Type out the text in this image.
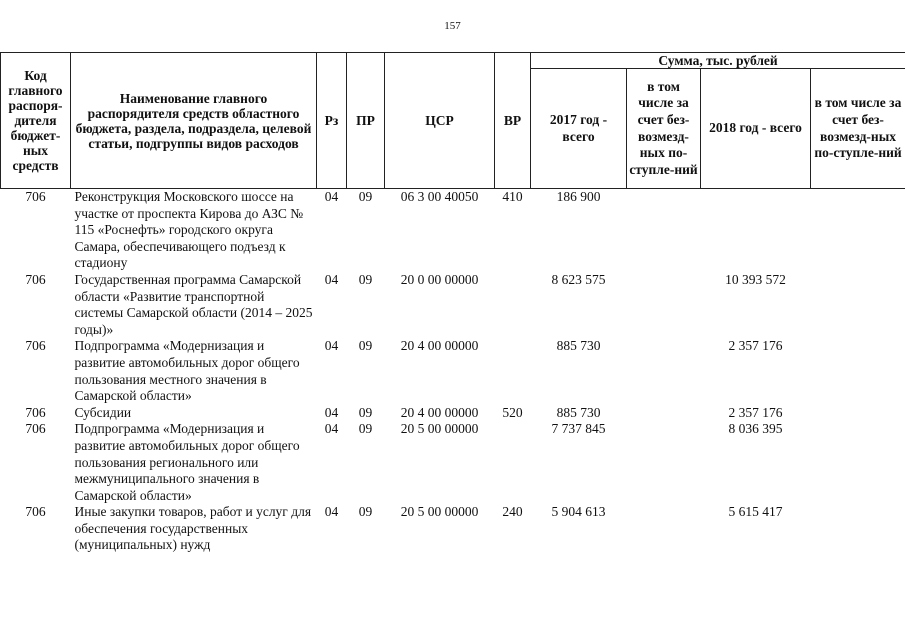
157
Код главного распоря-дителя бюджет-ных средств	Наименование главного распорядителя средств областного бюджета, раздела, подраздела, целевой статьи, подгруппы видов расходов	Рз	ПР	ЦСР	ВР	Сумма, тыс. рублей			
						2017 год - всего	в том числе за счет без-возмезд-ных по-ступле-ний	2018 год - всего	в том числе за счет без-возмезд-ных по-ступле-ний
706	Реконструкция Московского шоссе на участке от проспекта Кирова до АЗС № 115 «Роснефть» городского округа Самара, обеспечивающего подъезд к стадиону	04	09	06 3 00 40050	410	186 900			
706	Государственная программа Самарской области «Развитие транспортной системы Самарской области (2014 – 2025 годы)»	04	09	20 0 00 00000		8 623 575		10 393 572	
706	Подпрограмма «Модернизация и развитие автомобильных дорог общего пользования местного значения в Самарской области»	04	09	20 4 00 00000		885 730		2 357 176	
706	Субсидии	04	09	20 4 00 00000	520	885 730		2 357 176	
706	Подпрограмма «Модернизация и развитие автомобильных дорог общего пользования регионального или межмуниципального значения в Самарской области»	04	09	20 5 00 00000		7 737 845		8 036 395	
706	Иные закупки товаров, работ и услуг для обеспечения государственных (муниципальных) нужд	04	09	20 5 00 00000	240	5 904 613		5 615 417	
